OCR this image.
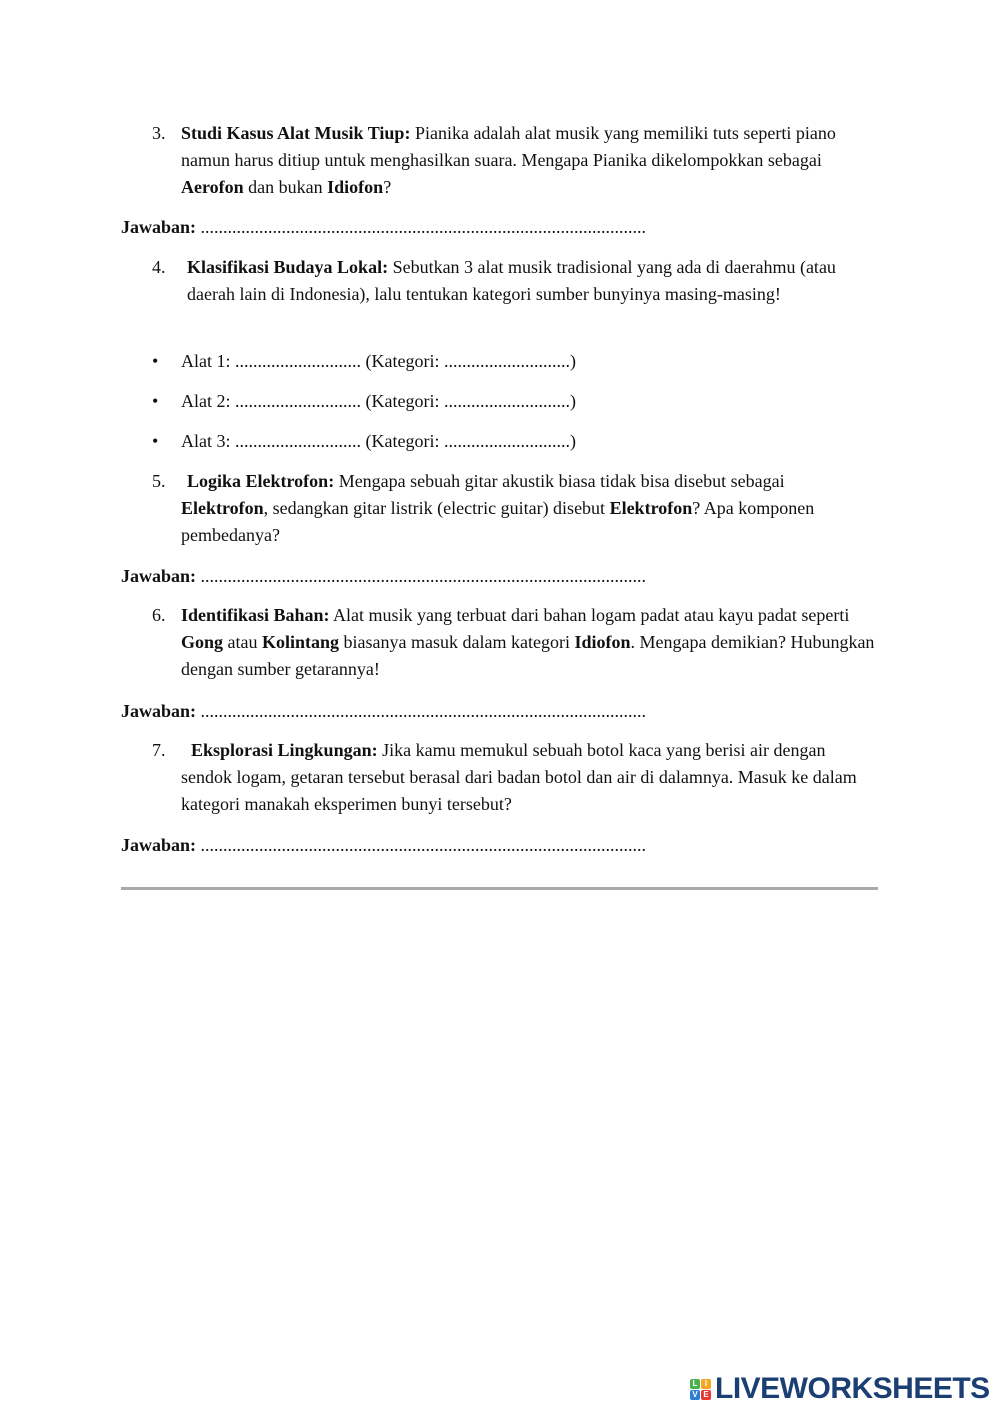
3. Studi Kasus Alat Musik Tiup: Pianika adalah alat musik yang memiliki tuts seperti piano namun harus ditiup untuk menghasilkan suara. Mengapa Pianika dikelompokkan sebagai Aerofon dan bukan Idiofon?
Jawaban: ...................................................................................................
4. Klasifikasi Budaya Lokal: Sebutkan 3 alat musik tradisional yang ada di daerahmu (atau daerah lain di Indonesia), lalu tentukan kategori sumber bunyinya masing-masing!
• Alat 1: ............................ (Kategori: ............................)
• Alat 2: ............................ (Kategori: ............................)
• Alat 3: ............................ (Kategori: ............................)
5.	Logika Elektrofon: Mengapa sebuah gitar akustik biasa tidak bisa disebut sebagai Elektrofon, sedangkan gitar listrik (electric guitar) disebut Elektrofon? Apa komponen pembedanya?
Jawaban: ...................................................................................................
6. Identifikasi Bahan: Alat musik yang terbuat dari bahan logam padat atau kayu padat seperti Gong atau Kolintang biasanya masuk dalam kategori Idiofon. Mengapa demikian? Hubungkan dengan sumber getarannya!
Jawaban: ...................................................................................................
7.	Eksplorasi Lingkungan: Jika kamu memukul sebuah botol kaca yang berisi air dengan sendok logam, getaran tersebut berasal dari badan botol dan air di dalamnya. Masuk ke dalam kategori manakah eksperimen bunyi tersebut?
Jawaban: ...................................................................................................
L I
V E LIVEWORKSHEETS
